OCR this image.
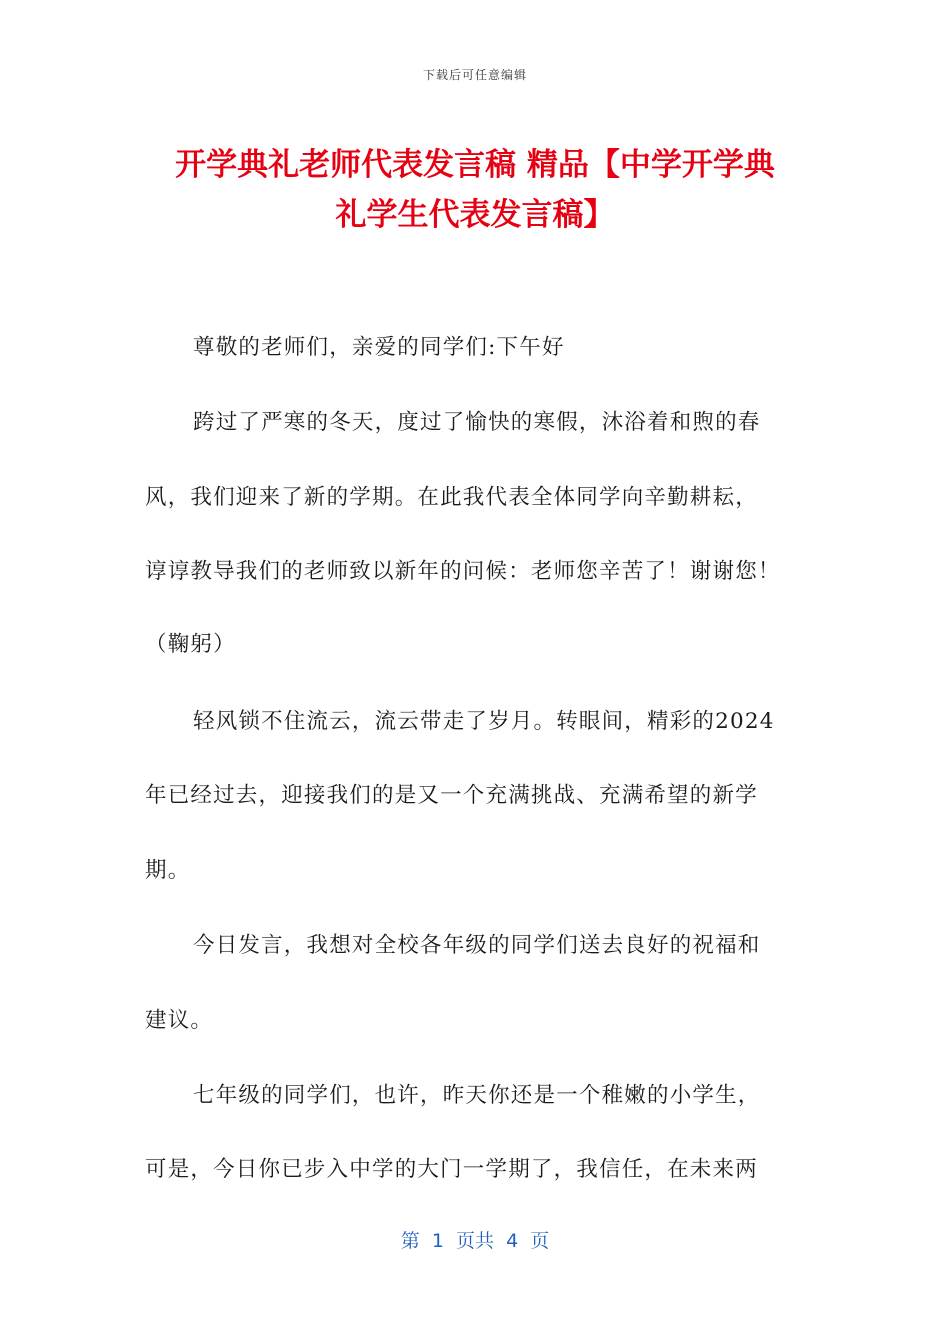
下载后可任意编辑
开学典礼老师代表发言稿 精品【中学开学典
礼学生代表发言稿】
尊敬的老师们，亲爱的同学们:下午好
跨过了严寒的冬天，度过了愉快的寒假，沐浴着和煦的春
风，我们迎来了新的学期。在此我代表全体同学向辛勤耕耘，
谆谆教导我们的老师致以新年的问候：老师您辛苦了！谢谢您！
（鞠躬）
轻风锁不住流云，流云带走了岁月。转眼间，精彩的2024
年已经过去，迎接我们的是又一个充满挑战、充满希望的新学
期。
今日发言，我想对全校各年级的同学们送去良好的祝福和
建议。
七年级的同学们，也许，昨天你还是一个稚嫩的小学生，
可是，今日你已步入中学的大门一学期了，我信任，在未来两
第  1  页共  4  页
